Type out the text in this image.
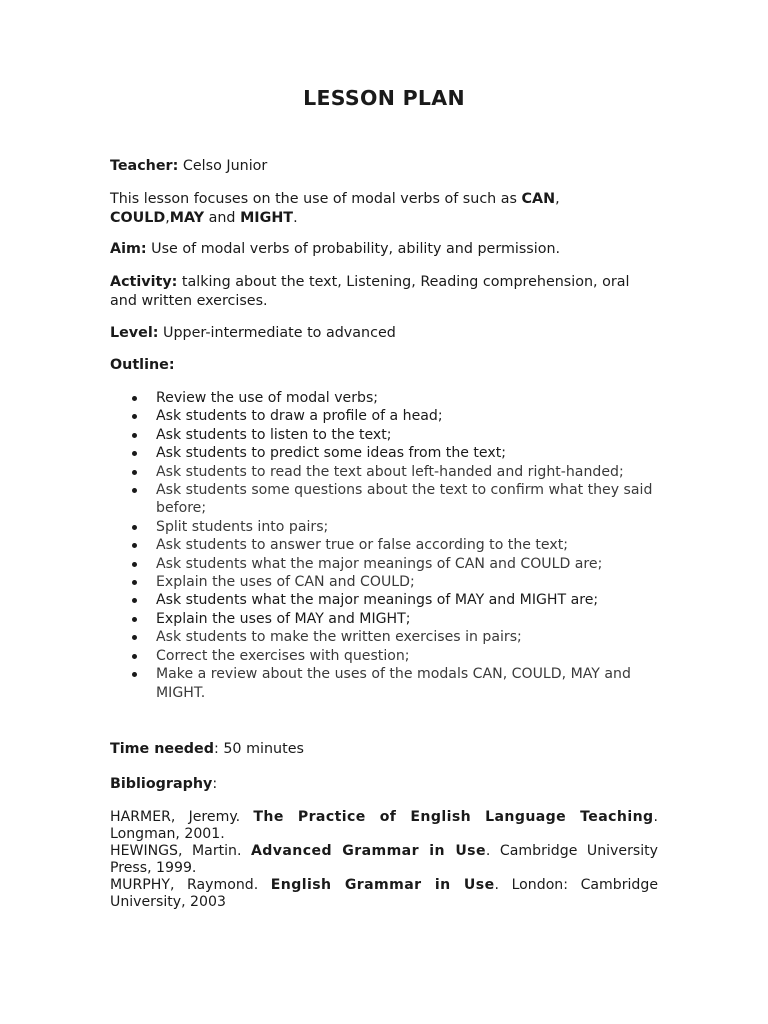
LESSON PLAN
Teacher: Celso Junior
This lesson focuses on the use of modal verbs of such as CAN,
COULD,MAY and MIGHT.
Aim: Use of modal verbs of probability, ability and permission.
Activity: talking about the text, Listening, Reading comprehension, oral and written exercises.
Level: Upper-intermediate to advanced
Outline:
Review the use of modal verbs;
Ask students to draw a profile of a head;
Ask students to listen to the text;
Ask students to predict some ideas from the text;
Ask students to read the text about left-handed and right-handed;
Ask students some questions about the text to confirm what they said before;
Split students into pairs;
Ask students to answer true or false according to the text;
Ask students what the major meanings of CAN and COULD are;
Explain the uses of CAN and COULD;
Ask students what the major meanings of MAY and MIGHT are;
Explain the uses of MAY and MIGHT;
Ask students to make the written exercises in pairs;
Correct the exercises with question;
Make a review about the uses of the modals CAN, COULD, MAY and MIGHT.
Time needed: 50 minutes
Bibliography:
HARMER, Jeremy. The Practice of English Language Teaching. Longman, 2001.
HEWINGS, Martin. Advanced Grammar in Use. Cambridge University Press, 1999.
MURPHY, Raymond. English Grammar in Use. London: Cambridge University, 2003
